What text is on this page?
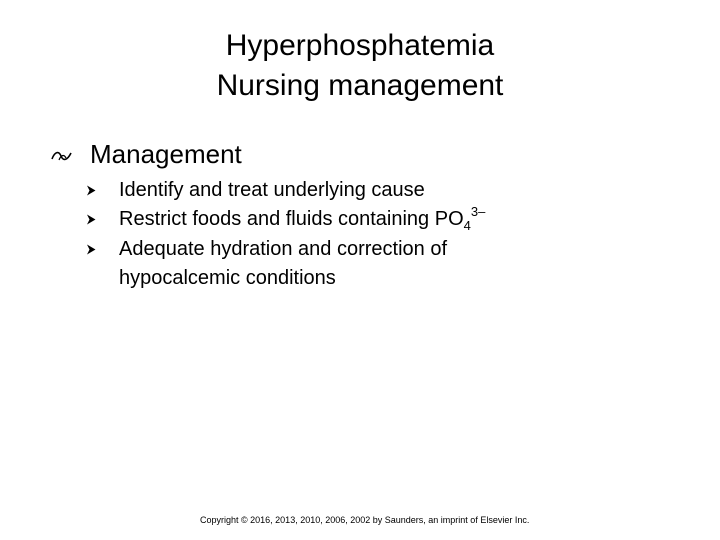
Hyperphosphatemia
Nursing management
Management
Identify and treat underlying cause
Restrict foods and fluids containing $PO_4^{3-}$
Adequate hydration and correction of hypocalcemic conditions
Copyright © 2016, 2013, 2010, 2006, 2002 by Saunders, an imprint of Elsevier Inc.
